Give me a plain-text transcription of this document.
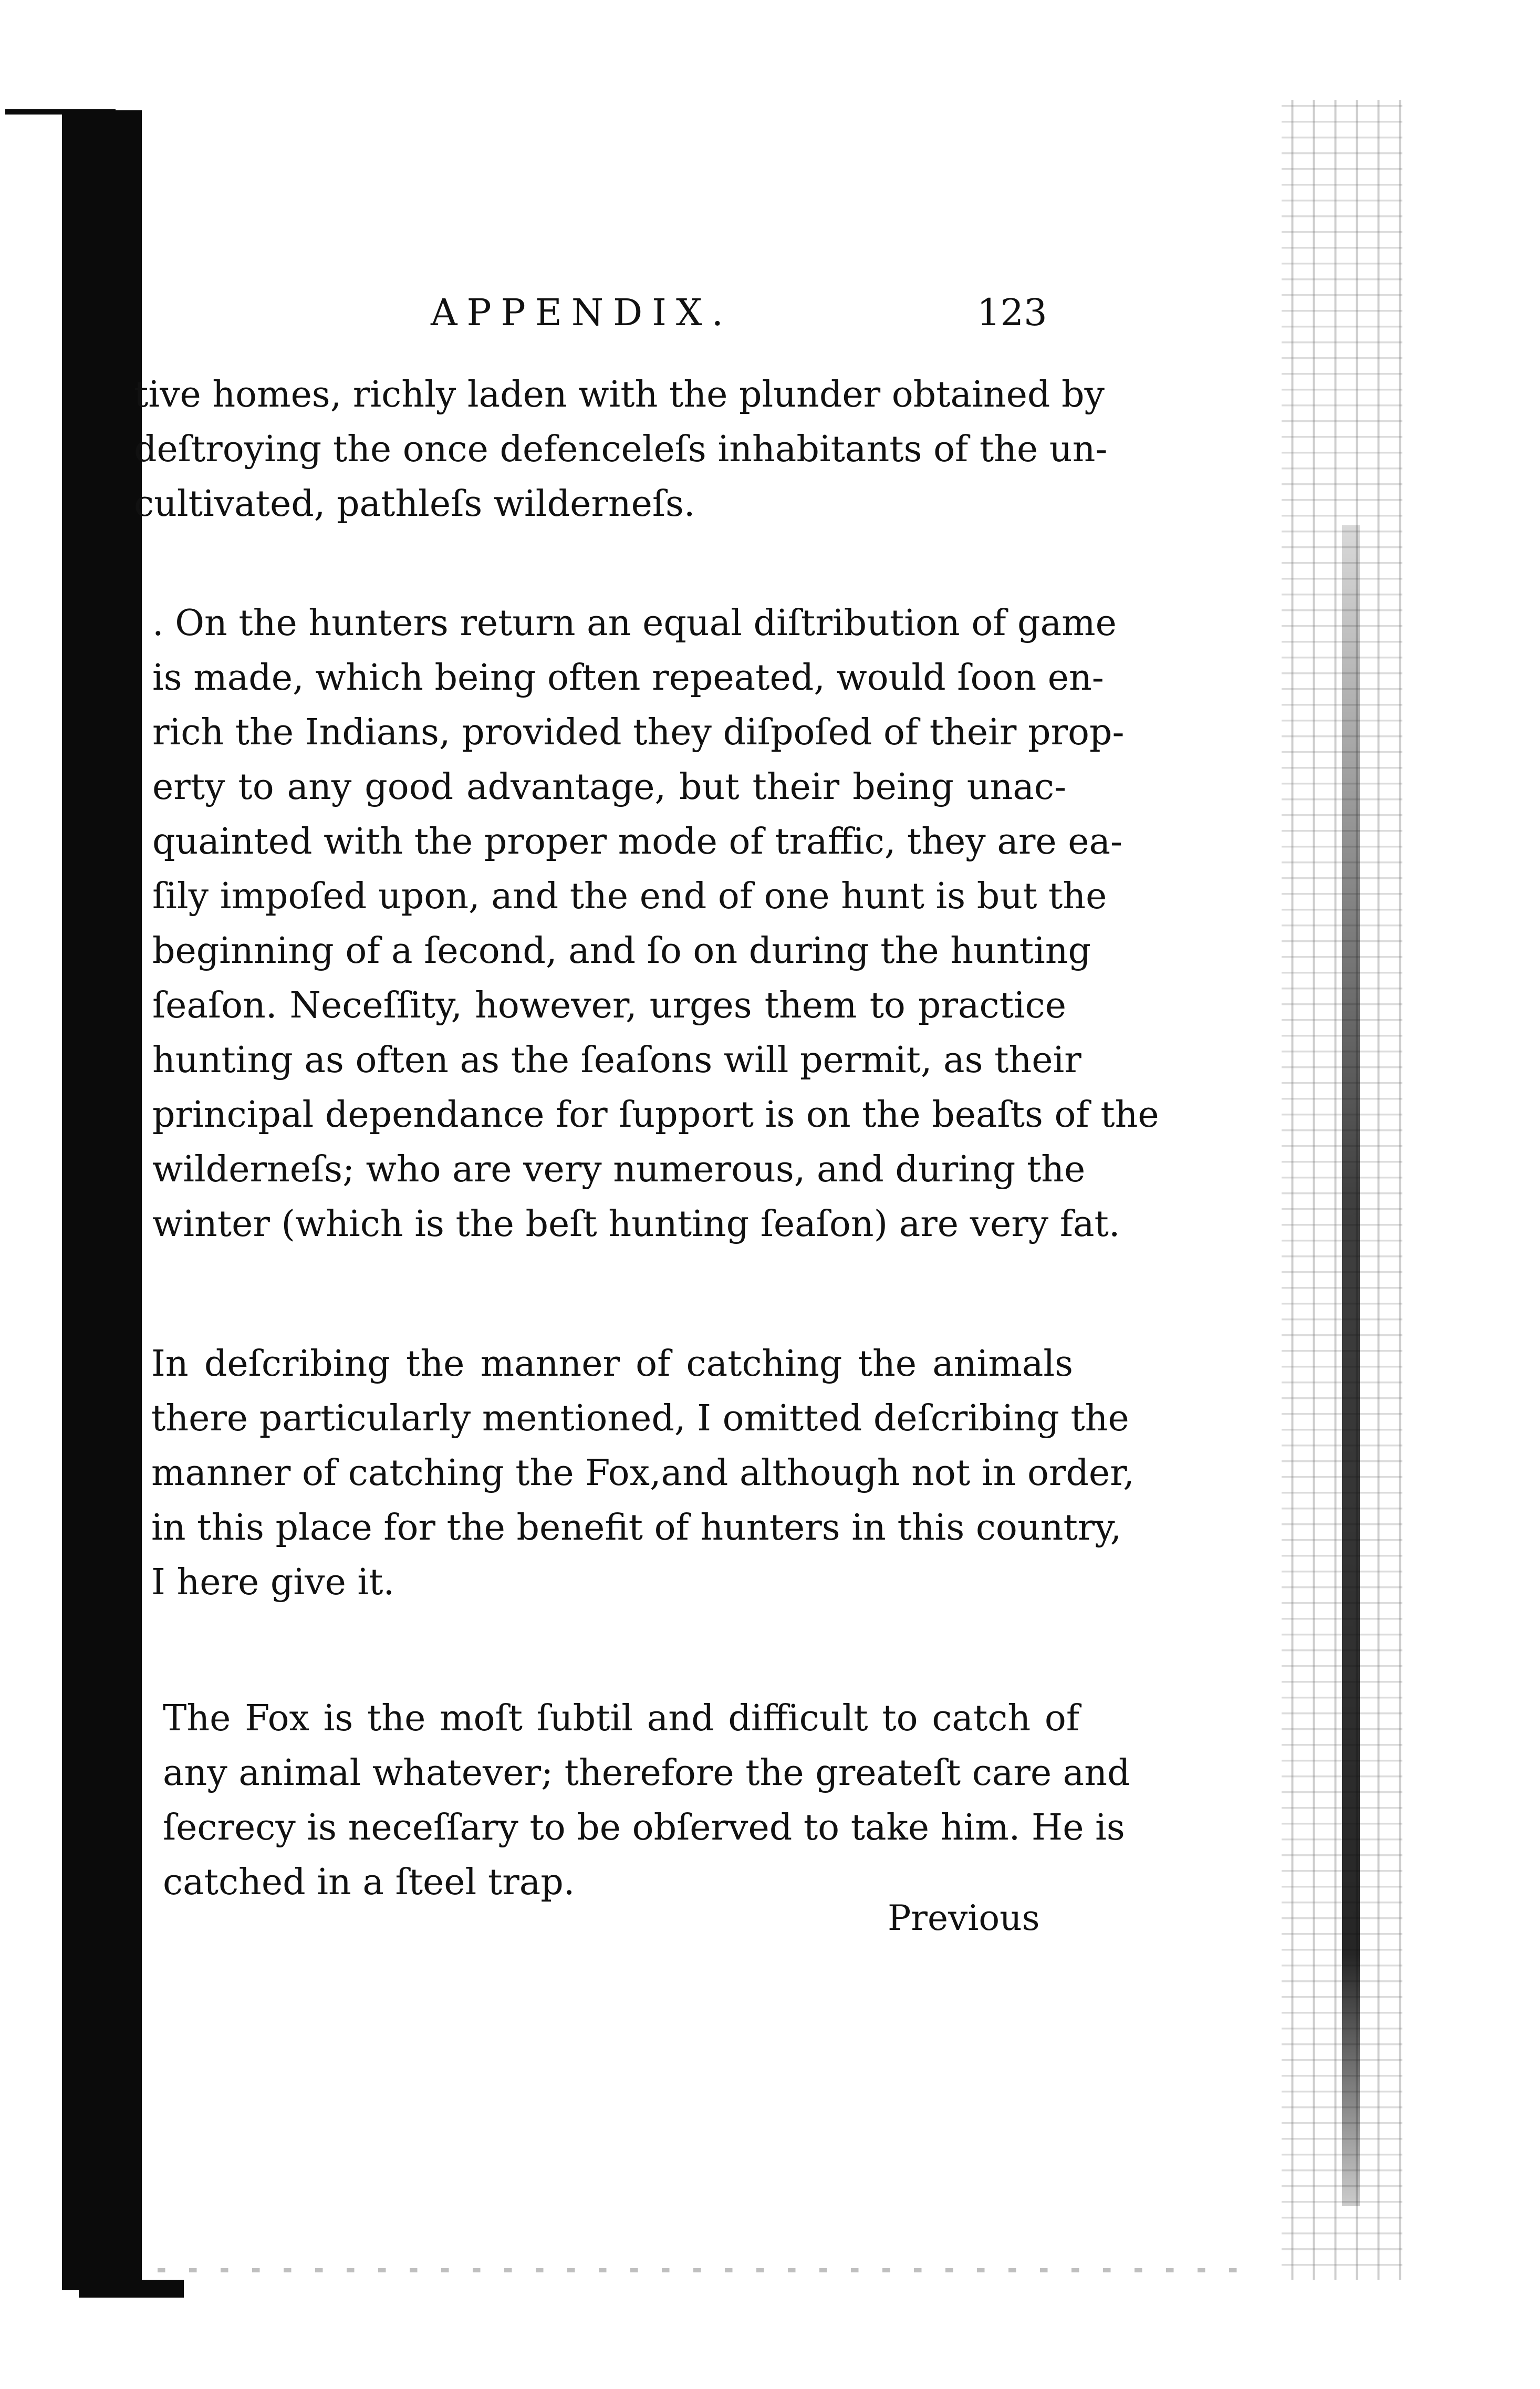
APPENDIX.	123
tive homes, richly laden with the plunder obtained by
deſtroying the once defenceleſs inhabitants of the un-
cultivated, pathleſs wilderneſs.
. On the hunters return an equal diſtribution of game
is made, which being often repeated, would ſoon en-
rich the Indians, provided they diſpoſed of their prop-
erty to any good advantage, but their being unac-
quainted with the proper mode of traffic, they are ea-
ſily impoſed upon, and the end of one hunt is but the
beginning of a ſecond, and ſo on during the hunting
ſeaſon. Neceſſity, however, urges them to practice
hunting as often as the ſeaſons will permit, as their
principal dependance for ſupport is on the beaſts of the
wilderneſs; who are very numerous, and during the
winter (which is the beſt hunting ſeaſon) are very fat.
In deſcribing the manner of catching the animals
there particularly mentioned, I omitted deſcribing the
manner of catching the Fox,and although not in order,
in this place for the benefit of hunters in this country,
I here give it.
The Fox is the moſt ſubtil and difficult to catch of
any animal whatever; therefore the greateſt care and
ſecrecy is neceſſary to be obſerved to take him. He is
catched in a ſteel trap.
Previous
